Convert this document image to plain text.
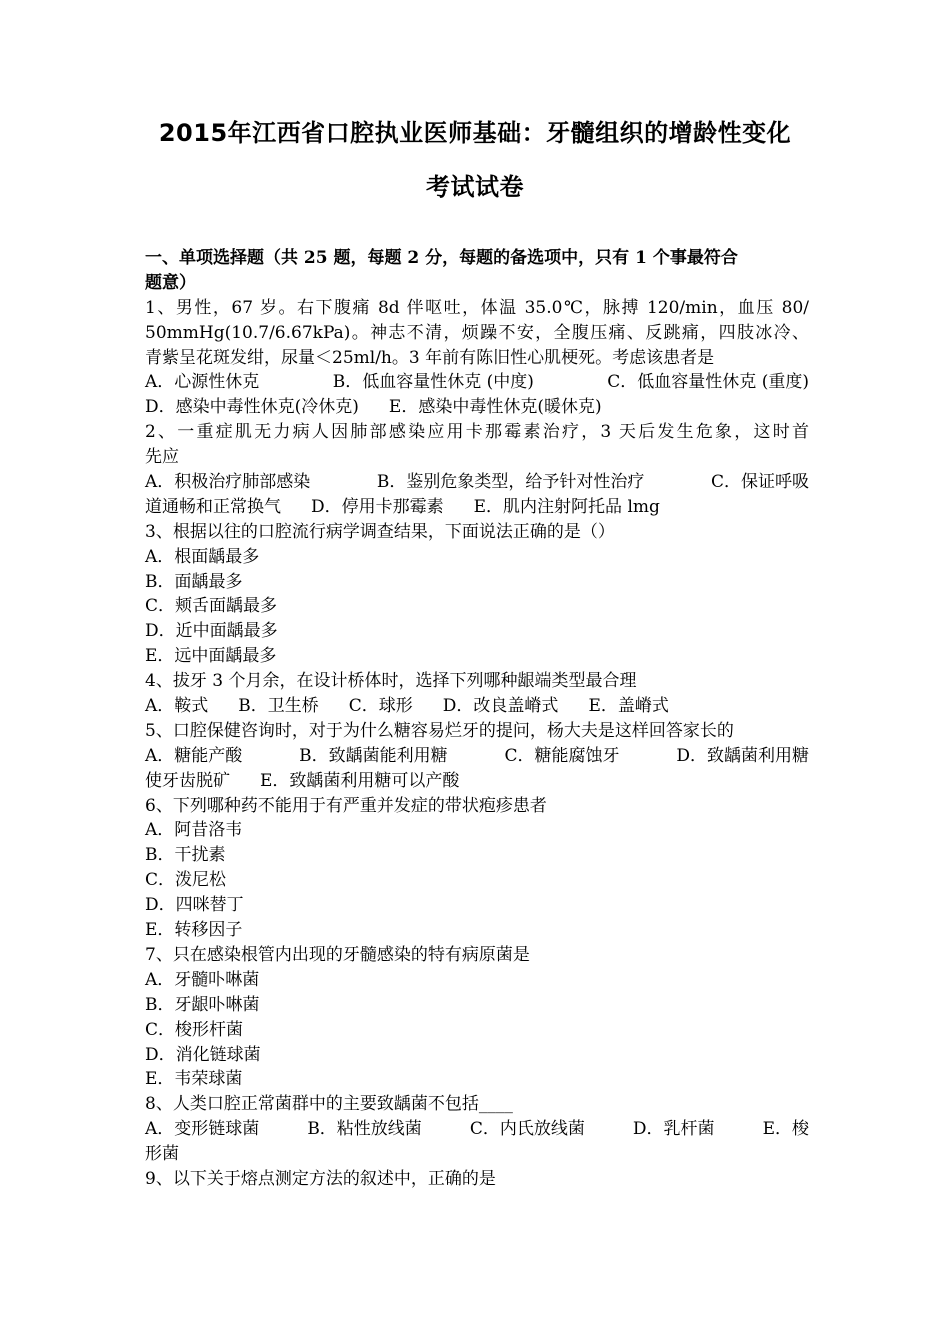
2015年江西省口腔执业医师基础：牙髓组织的增龄性变化
考试试卷
一、单项选择题（共 25 题，每题 2 分，每题的备选项中，只有 1 个事最符合
题意）
1、男性，67 岁。右下腹痛 8d 伴呕吐，体温 35.0℃，脉搏 120/min，血压 80/
50mmHg(10.7/6.67kPa)。神志不清，烦躁不安，全腹压痛、反跳痛，四肢冰冷、
青紫呈花斑发绀，尿量＜25ml/h。3 年前有陈旧性心肌梗死。考虑该患者是
A．心源性休克	B．低血容量性休克 (中度)	C．低血容量性休克 (重度)
D．感染中毒性休克(冷休克) E．感染中毒性休克(暖休克)
2、一重症肌无力病人因肺部感染应用卡那霉素治疗，3 天后发生危象，这时首
先应
A．积极治疗肺部感染	B．鉴别危象类型，给予针对性治疗	C．保证呼吸
道通畅和正常换气 D．停用卡那霉素 E．肌内注射阿托品 lmg
3、根据以往的口腔流行病学调查结果，下面说法正确的是（）
A．根面龋最多
B．面龋最多
C．颊舌面龋最多
D．近中面龋最多
E．远中面龋最多
4、拔牙 3 个月余，在设计桥体时，选择下列哪种龈端类型最合理
A．鞍式 B．卫生桥 C．球形 D．改良盖嵴式 E．盖嵴式
5、口腔保健咨询时，对于为什么糖容易烂牙的提问，杨大夫是这样回答家长的
A．糖能产酸	B．致龋菌能利用糖	C．糖能腐蚀牙	D．致龋菌利用糖
使牙齿脱矿 E．致龋菌利用糖可以产酸
6、下列哪种药不能用于有严重并发症的带状疱疹患者
A．阿昔洛韦
B．干扰素
C．泼尼松
D．四咪替丁
E．转移因子
7、只在感染根管内出现的牙髓感染的特有病原菌是
A．牙髓卟啉菌
B．牙龈卟啉菌
C．梭形杆菌
D．消化链球菌
E．韦荣球菌
8、人类口腔正常菌群中的主要致龋菌不包括____
A．变形链球菌	B．粘性放线菌	C．内氏放线菌	D．乳杆菌	E．梭
形菌
9、以下关于熔点测定方法的叙述中，正确的是
